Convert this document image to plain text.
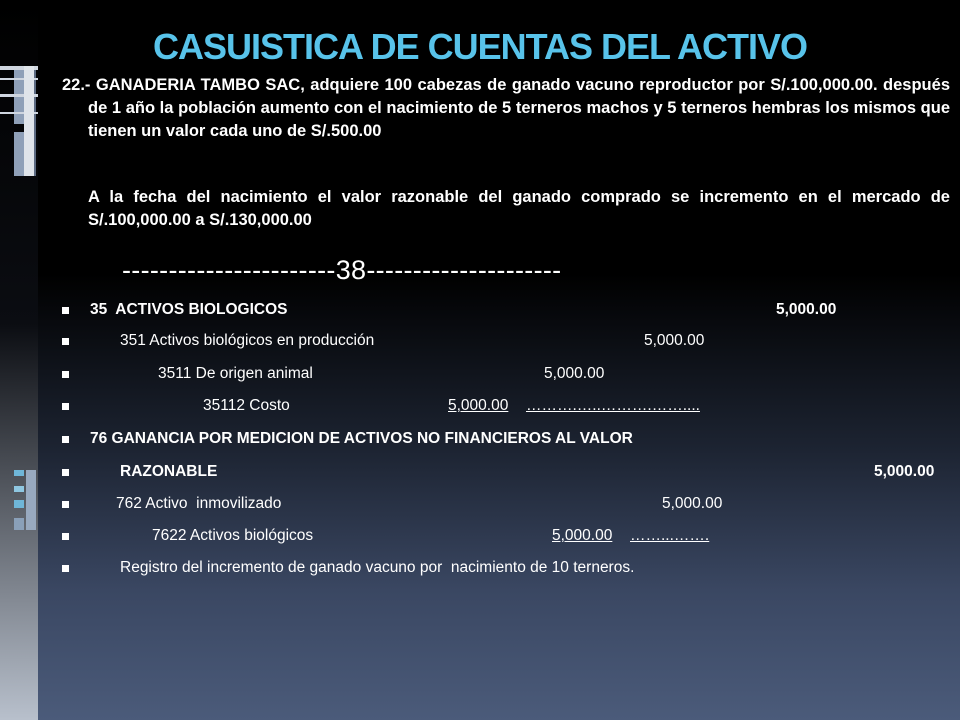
CASUISTICA DE CUENTAS DEL ACTIVO

22.- GANADERIA TAMBO SAC, adquiere 100 cabezas de ganado vacuno reproductor por S/.100,000.00. después de 1 año la población aumento con el nacimiento de 5 terneros machos y 5 terneros hembras los mismos que tienen un valor cada uno de S/.500.00

A la fecha del nacimiento el valor razonable del ganado comprado se incremento en el mercado de S/.100,000.00 a S/.130,000.00

-----------------------38---------------------

35  ACTIVOS BIOLOGICOS	5,000.00

351 Activos biológicos en producción	5,000.00

3511 De origen animal	5,000.00

35112 Costo	5,000.00 ……….…..……….……....

76 GANANCIA POR MEDICION DE ACTIVOS NO FINANCIEROS AL VALOR

RAZONABLE	5,000.00

762 Activo  inmovilizado	5,000.00

7622 Activos biológicos	5,000.00 ……...…….

Registro del incremento de ganado vacuno por  nacimiento de 10 terneros.
